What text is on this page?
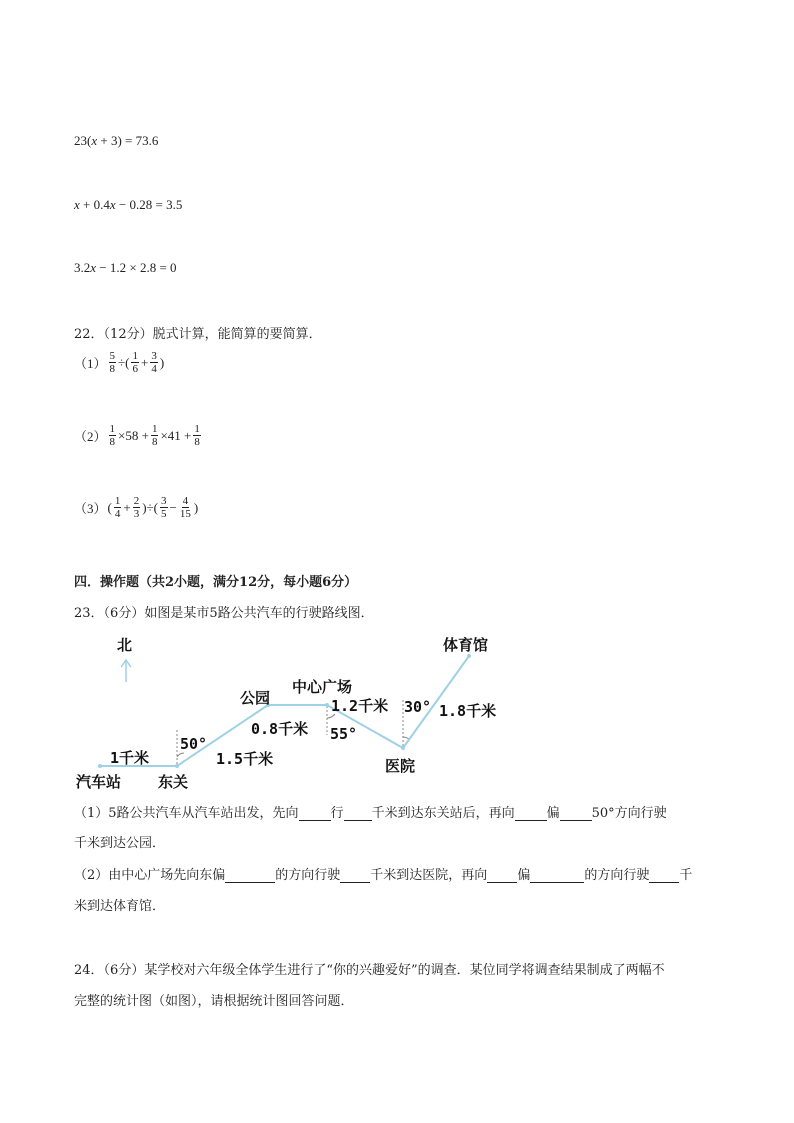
23(x + 3) = 73.6
x + 0.4x − 0.28 = 3.5
3.2x − 1.2 × 2.8 = 0
22．（12分）脱式计算，能简算的要简算．
$(1) \frac{5}{8}$ ÷( $\frac{1}{6} + \frac{3}{4}$ )
$(2) \frac{1}{8} \times 58 + \frac{1}{8} \times 41 + \frac{1}{8}$
（3） ( $\frac{1}{4} + \frac{2}{3}$ )÷( $\frac{3}{5} - \frac{4}{15}$ )
四．操作题（共2小题，满分12分，每小题6分）
23．（6分）如图是某市5路公共汽车的行驶路线图．
北
汽车站 东关
公园
中心广场
医院
体育馆
1千米	1.5千米
0.8千米
1.2千米	1.8千米
50°
55°
30°
（1）5路公共汽车从汽车站出发，先向 行 千米到达东关站后，再向 偏 50°方向行驶
千米到达公园．
（2）由中心广场先向东偏	的方向行驶 千米到达医院，再向 偏	的方向行驶 千
米到达体育馆．
24．（6分）某学校对六年级全体学生进行了“你的兴趣爱好”的调查．某位同学将调查结果制成了两幅不
完整的统计图（如图），请根据统计图回答问题．
